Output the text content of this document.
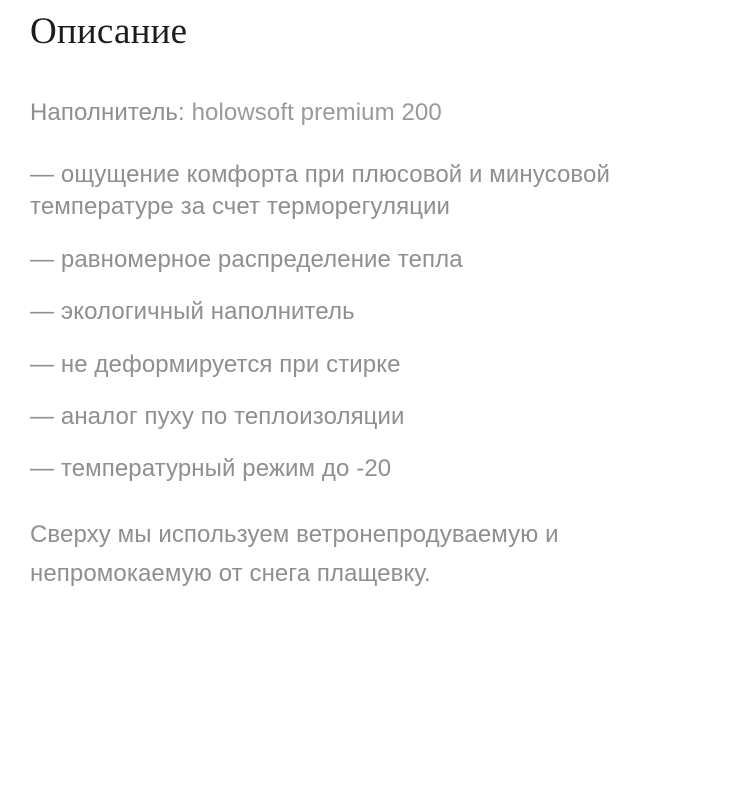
Описание

Наполнитель: holowsoft premium 200

— ощущение комфорта при плюсовой и минусовой температуре за счет терморегуляции
— равномерное распределение тепла
— экологичный наполнитель
— не деформируется при стирке
— аналог пуху по теплоизоляции
— температурный режим до -20

Сверху мы используем ветронепродуваемую и непромокаемую от снега плащевку.
